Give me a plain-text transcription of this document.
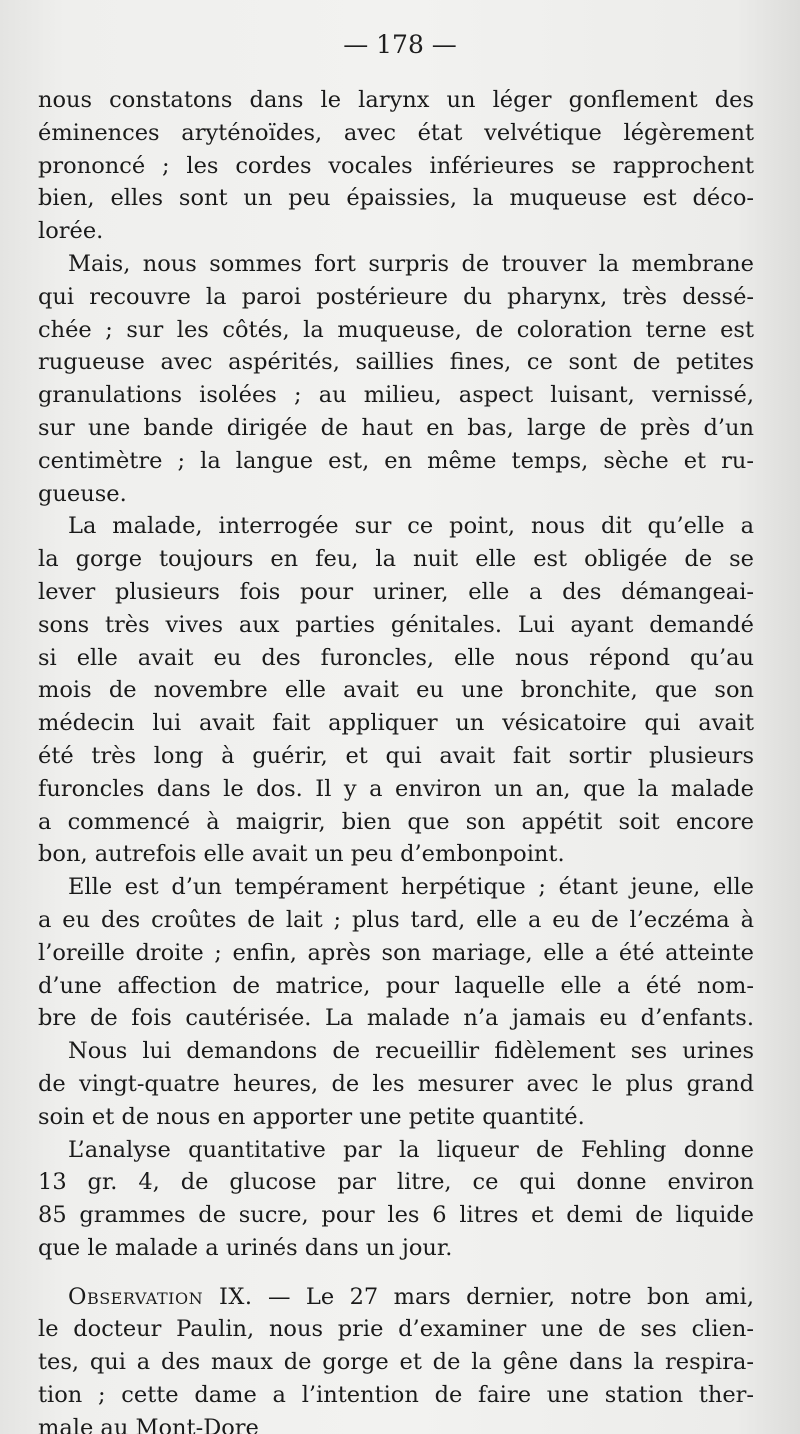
— 178 —
nous constatons dans le larynx un léger gonflement des
éminences aryténoïdes, avec état velvétique légèrement
prononcé ; les cordes vocales inférieures se rapprochent
bien, elles sont un peu épaissies, la muqueuse est déco-
lorée.
Mais, nous sommes fort surpris de trouver la membrane
qui recouvre la paroi postérieure du pharynx, très dessé-
chée ; sur les côtés, la muqueuse, de coloration terne est
rugueuse avec aspérités, saillies fines, ce sont de petites
granulations isolées ; au milieu, aspect luisant, vernissé,
sur une bande dirigée de haut en bas, large de près d’un
centimètre ; la langue est, en même temps, sèche et ru-
gueuse.
La malade, interrogée sur ce point, nous dit qu’elle a
la gorge toujours en feu, la nuit elle est obligée de se
lever plusieurs fois pour uriner, elle a des démangeai-
sons très vives aux parties génitales. Lui ayant demandé
si elle avait eu des furoncles, elle nous répond qu’au
mois de novembre elle avait eu une bronchite, que son
médecin lui avait fait appliquer un vésicatoire qui avait
été très long à guérir, et qui avait fait sortir plusieurs
furoncles dans le dos. Il y a environ un an, que la malade
a commencé à maigrir, bien que son appétit soit encore
bon, autrefois elle avait un peu d’embonpoint.
Elle est d’un tempérament herpétique ; étant jeune, elle
a eu des croûtes de lait ; plus tard, elle a eu de l’eczéma à
l’oreille droite ; enfin, après son mariage, elle a été atteinte
d’une affection de matrice, pour laquelle elle a été nom-
bre de fois cautérisée. La malade n’a jamais eu d’enfants.
Nous lui demandons de recueillir fidèlement ses urines
de vingt-quatre heures, de les mesurer avec le plus grand
soin et de nous en apporter une petite quantité.
L’analyse quantitative par la liqueur de Fehling donne
13 gr. 4, de glucose par litre, ce qui donne environ
85 grammes de sucre, pour les 6 litres et demi de liquide
que le malade a urinés dans un jour.
Observation IX. — Le 27 mars dernier, notre bon ami,
le docteur Paulin, nous prie d’examiner une de ses clien-
tes, qui a des maux de gorge et de la gêne dans la respira-
tion ; cette dame a l’intention de faire une station ther-
male au Mont-Dore
